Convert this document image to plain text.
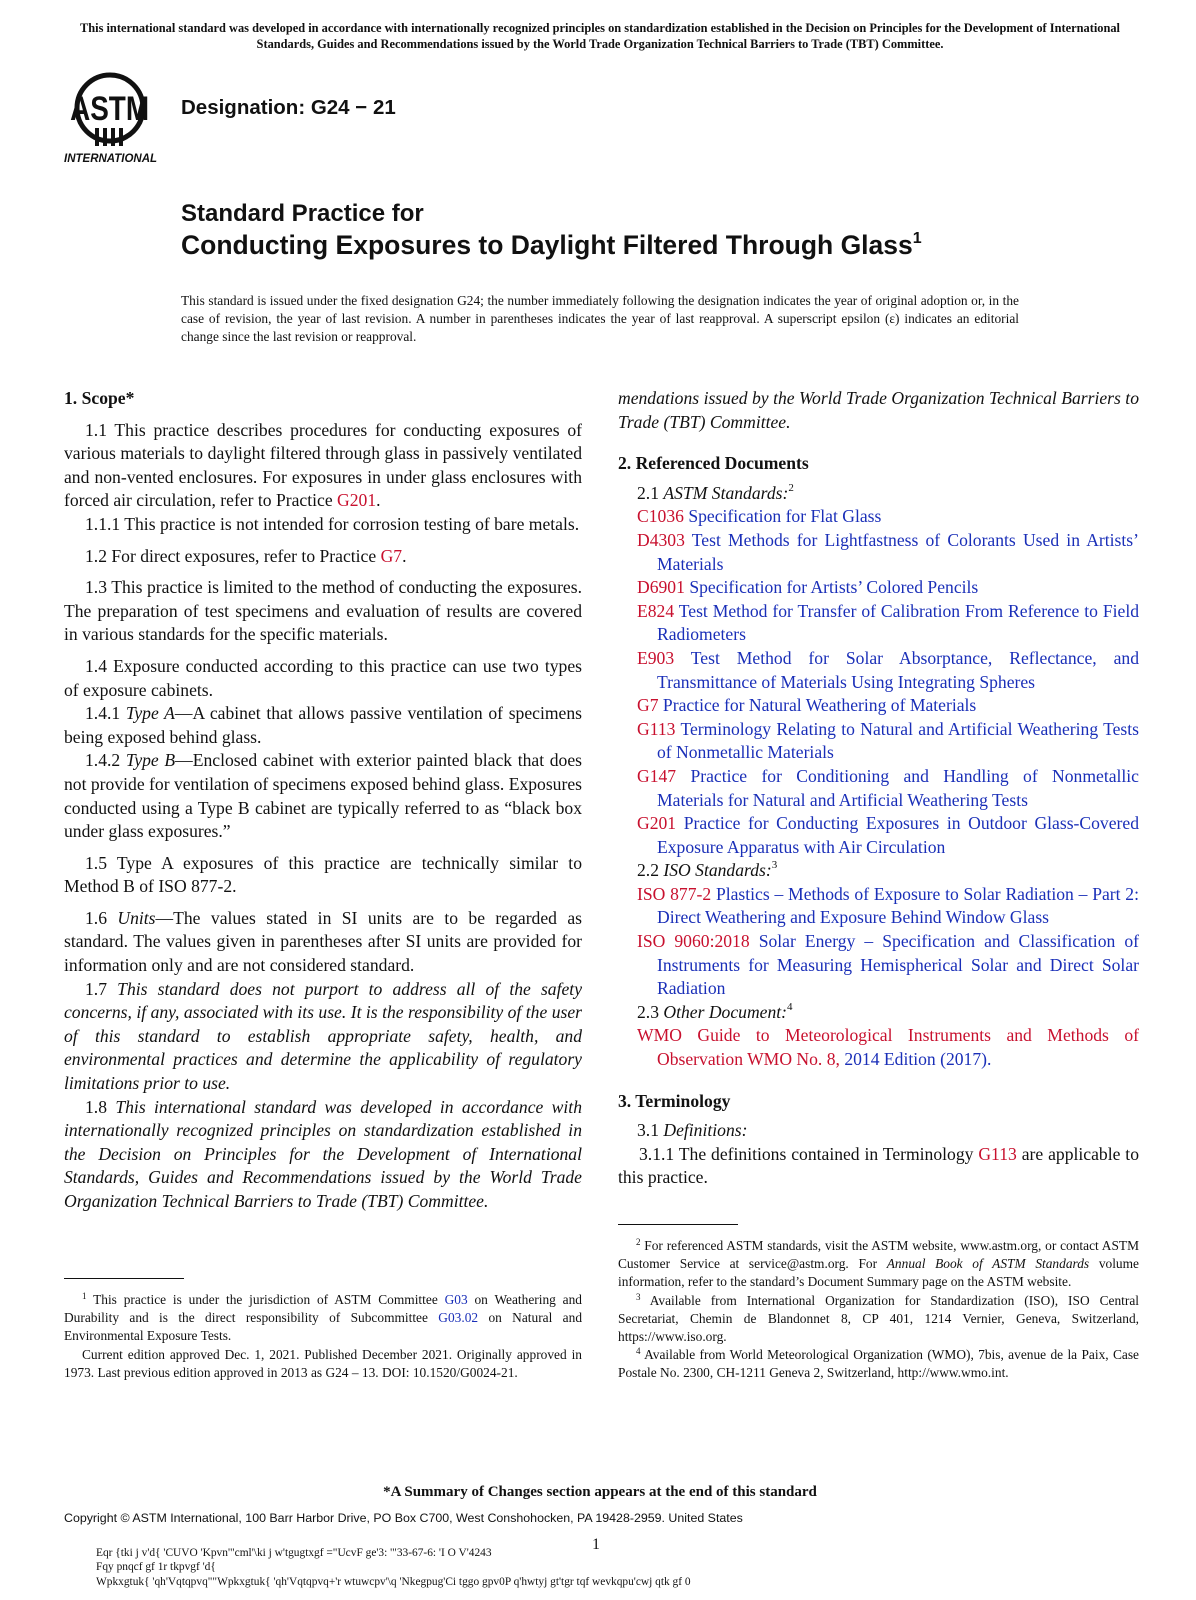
This international standard was developed in accordance with internationally recognized principles on standardization established in the Decision on Principles for the Development of International Standards, Guides and Recommendations issued by the World Trade Organization Technical Barriers to Trade (TBT) Committee.
ASTM
INTERNATIONAL
Designation: G24 − 21
Standard Practice for
Conducting Exposures to Daylight Filtered Through Glass$^1$
This standard is issued under the fixed designation G24; the number immediately following the designation indicates the year of original adoption or, in the case of revision, the year of last revision. A number in parentheses indicates the year of last reapproval. A superscript epsilon (ε) indicates an editorial change since the last revision or reapproval.

1. Scope*

1.1 This practice describes procedures for conducting exposures of various materials to daylight filtered through glass in passively ventilated and non-vented enclosures. For exposures in under glass enclosures with forced air circulation, refer to Practice G201.

1.1.1 This practice is not intended for corrosion testing of bare metals.

1.2 For direct exposures, refer to Practice G7.

1.3 This practice is limited to the method of conducting the exposures. The preparation of test specimens and evaluation of results are covered in various standards for the specific materials.

1.4 Exposure conducted according to this practice can use two types of exposure cabinets.

1.4.1 Type A—A cabinet that allows passive ventilation of specimens being exposed behind glass.

1.4.2 Type B—Enclosed cabinet with exterior painted black that does not provide for ventilation of specimens exposed behind glass. Exposures conducted using a Type B cabinet are typically referred to as “black box under glass exposures.”

1.5 Type A exposures of this practice are technically similar to Method B of ISO 877-2.

1.6 Units—The values stated in SI units are to be regarded as standard. The values given in parentheses after SI units are provided for information only and are not considered standard.

1.7 This standard does not purport to address all of the safety concerns, if any, associated with its use. It is the responsibility of the user of this standard to establish appropriate safety, health, and environmental practices and determine the applicability of regulatory limitations prior to use.

1.8 This international standard was developed in accordance with internationally recognized principles on standardization established in the Decision on Principles for the Development of International Standards, Guides and Recommendations issued by the World Trade Organization Technical Barriers to Trade (TBT) Committee.

$^1$ This practice is under the jurisdiction of ASTM Committee G03 on Weathering and Durability and is the direct responsibility of Subcommittee G03.02 on Natural and Environmental Exposure Tests.

Current edition approved Dec. 1, 2021. Published December 2021. Originally approved in 1973. Last previous edition approved in 2013 as G24 – 13. DOI: 10.1520/G0024-21.

mendations issued by the World Trade Organization Technical Barriers to Trade (TBT) Committee.

2. Referenced Documents

2.1 ASTM Standards:$^2$

C1036 Specification for Flat Glass

D4303 Test Methods for Lightfastness of Colorants Used in Artists’ Materials

D6901 Specification for Artists’ Colored Pencils

E824 Test Method for Transfer of Calibration From Reference to Field Radiometers

E903 Test Method for Solar Absorptance, Reflectance, and Transmittance of Materials Using Integrating Spheres

G7 Practice for Natural Weathering of Materials

G113 Terminology Relating to Natural and Artificial Weathering Tests of Nonmetallic Materials

G147 Practice for Conditioning and Handling of Nonmetallic Materials for Natural and Artificial Weathering Tests

G201 Practice for Conducting Exposures in Outdoor Glass-Covered Exposure Apparatus with Air Circulation

2.2 ISO Standards:$^3$

ISO 877-2 Plastics – Methods of Exposure to Solar Radiation – Part 2: Direct Weathering and Exposure Behind Window Glass

ISO 9060:2018 Solar Energy – Specification and Classification of Instruments for Measuring Hemispherical Solar and Direct Solar Radiation

2.3 Other Document:$^4$

WMO Guide to Meteorological Instruments and Methods of Observation WMO No. 8, 2014 Edition (2017).

3. Terminology

3.1 Definitions:

3.1.1 The definitions contained in Terminology G113 are applicable to this practice.

$^2$ For referenced ASTM standards, visit the ASTM website, www.astm.org, or contact ASTM Customer Service at service@astm.org. For Annual Book of ASTM Standards volume information, refer to the standard’s Document Summary page on the ASTM website.

$^3$ Available from International Organization for Standardization (ISO), ISO Central Secretariat, Chemin de Blandonnet 8, CP 401, 1214 Vernier, Geneva, Switzerland, https://www.iso.org.

$^4$ Available from World Meteorological Organization (WMO), 7bis, avenue de la Paix, Case Postale No. 2300, CH-1211 Geneva 2, Switzerland, http://www.wmo.int.

*A Summary of Changes section appears at the end of this standard
Copyright © ASTM International, 100 Barr Harbor Drive, PO Box C700, West Conshohocken, PA 19428-2959. United States
1
Eqr {tki j v'd{ 'CUVO 'Kpvn'"cml'\ki j w'tgugtxgf ="UcvF ge'3: '"33-67-6: 'I O V'4243
Fqy pnqcf gf 1r tkpvgf 'd{
Wpkxgtuk{ 'qh'Vqtqpvq""Wpkxgtuk{ 'qh'Vqtqpvq+'r wtuwcpv'\q 'Nkegpug'Ci tggo gpv0P q'hwtyj gt'tgr tqf wevkqpu'cwj qtk gf 0
